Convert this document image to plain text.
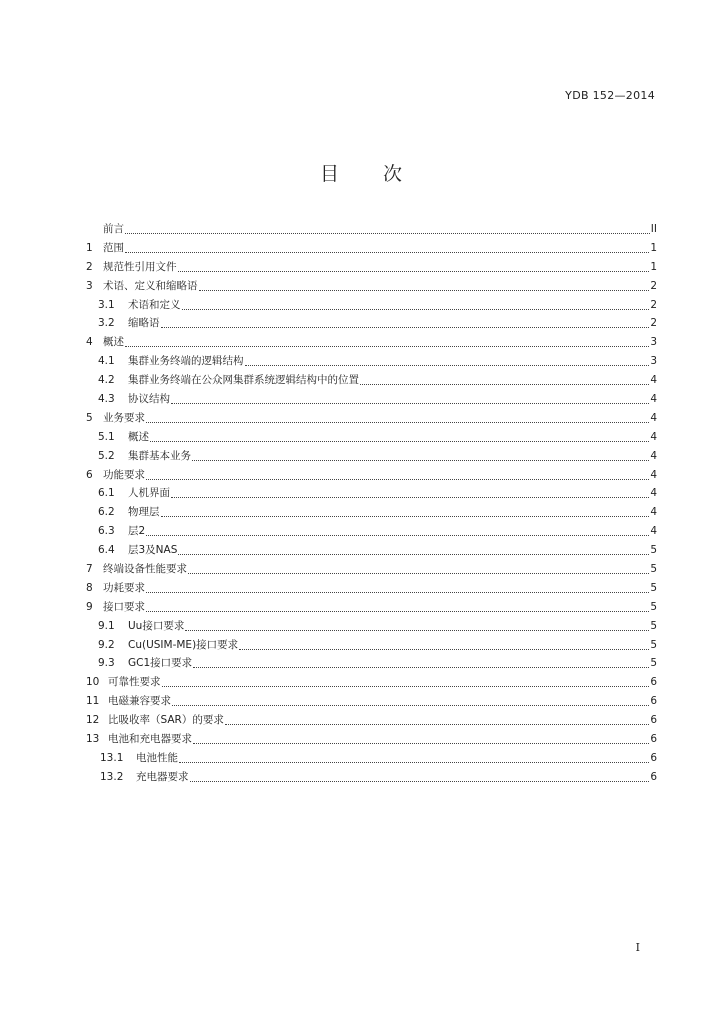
YDB 152—2014
目 次
前言	II
1 范围	1
2 规范性引用文件	1
3 术语、定义和缩略语	2
3.1	术语和定义	2
3.2	缩略语	2
4 概述	3
4.1	集群业务终端的逻辑结构	3
4.2	集群业务终端在公众网集群系统逻辑结构中的位置	4
4.3	协议结构	4
5 业务要求	4
5.1	概述	4
5.2	集群基本业务	4
6 功能要求	4
6.1	人机界面	4
6.2	物理层	4
6.3	层2	4
6.4	层3及NAS	5
7 终端设备性能要求	5
8 功耗要求	5
9 接口要求	5
9.1	Uu接口要求	5
9.2	Cu(USIM-ME)接口要求	5
9.3	GC1接口要求	5
10 可靠性要求	6
11 电磁兼容要求	6
12 比吸收率（SAR）的要求	6
13 电池和充电器要求	6
13.1	电池性能	6
13.2	充电器要求	6
I
